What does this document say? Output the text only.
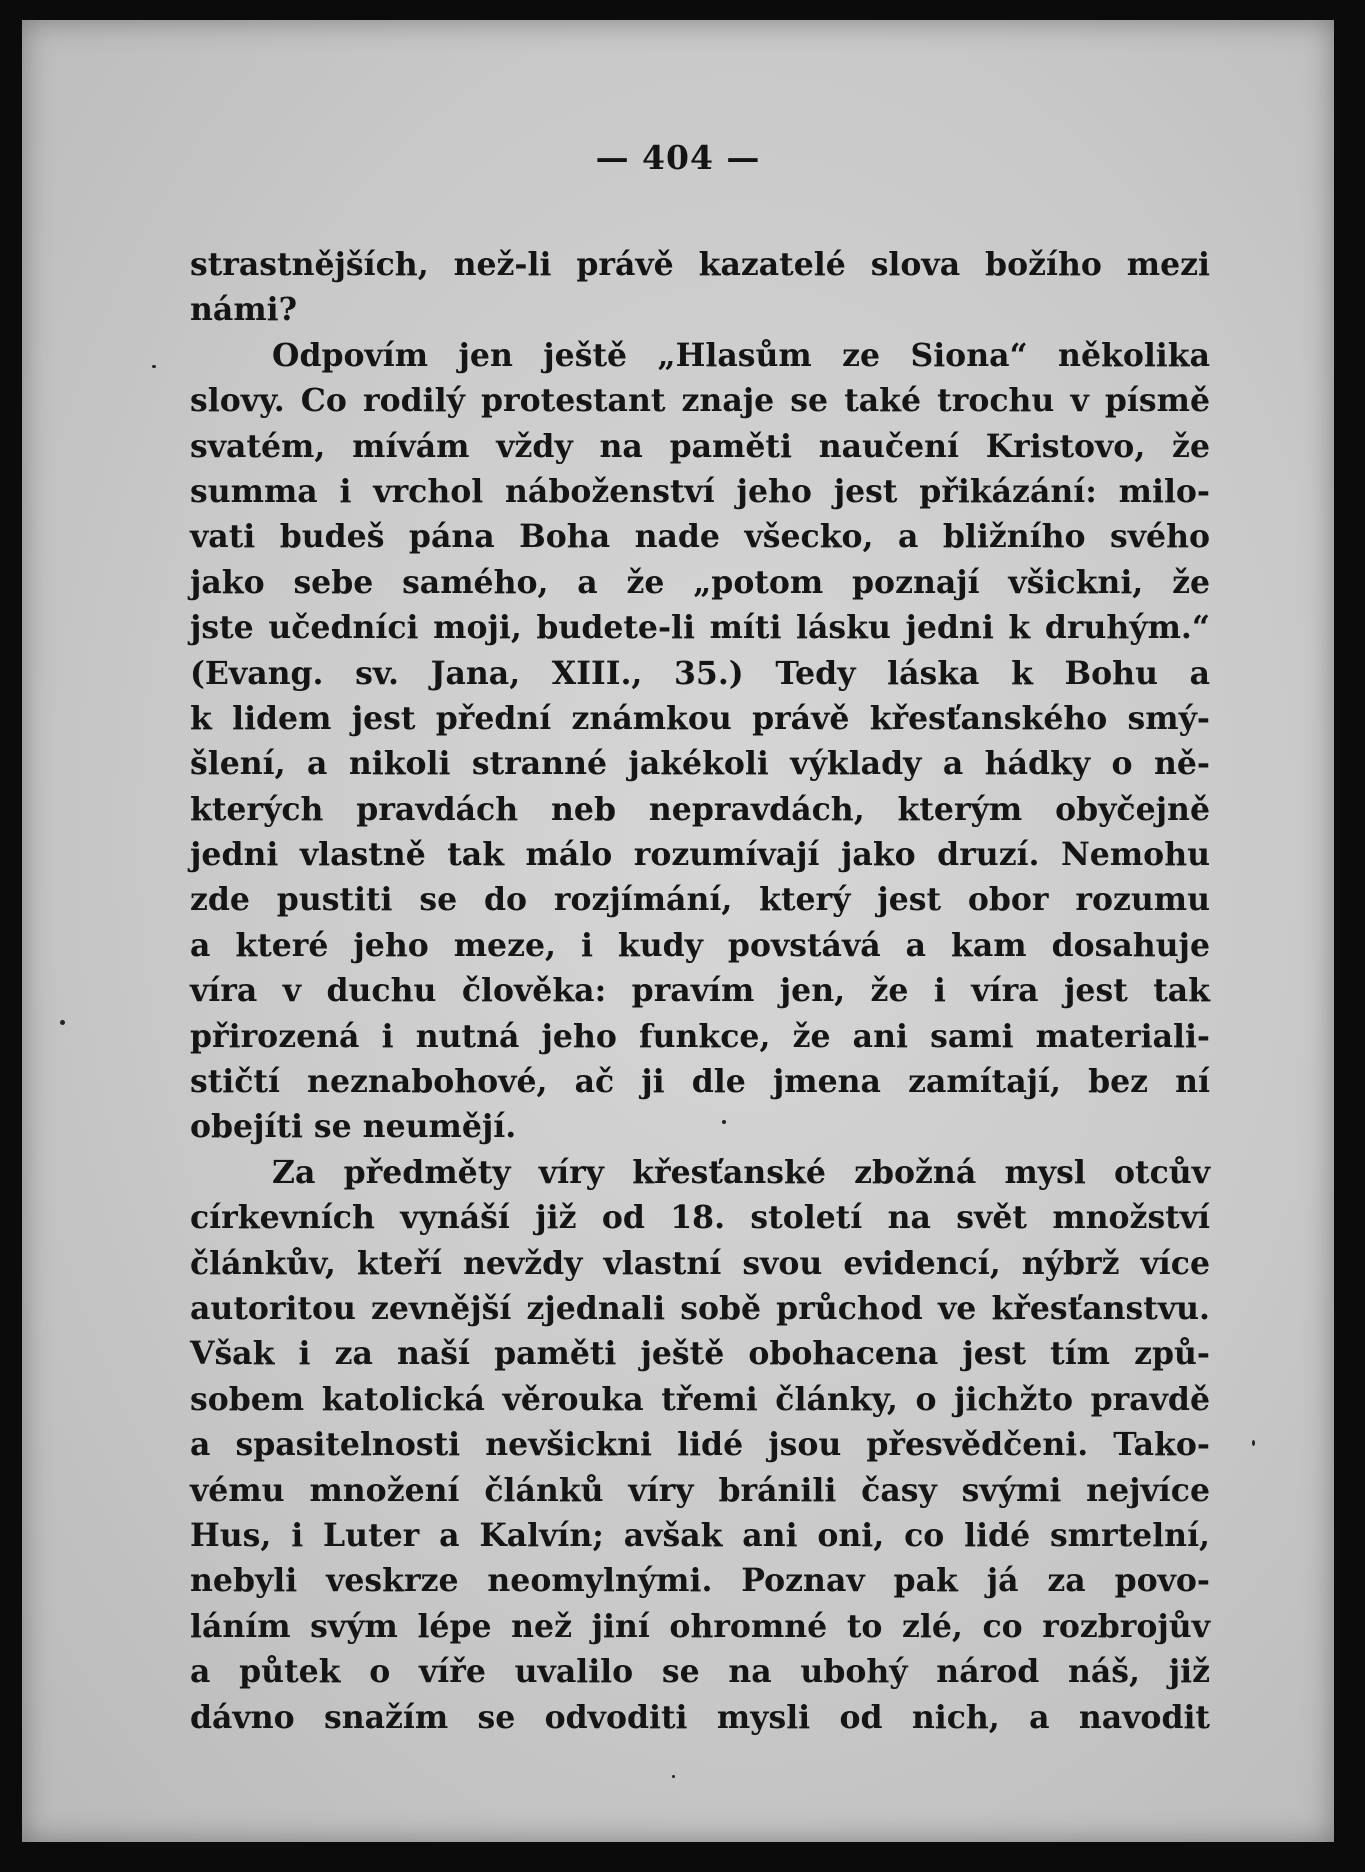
— 404 —
strastnějších, než-li právě kazatelé slova božího mezi
námi?
Odpovím jen ještě „Hlasům ze Siona“ několika
slovy. Co rodilý protestant znaje se také trochu v písmě
svatém, mívám vždy na paměti naučení Kristovo, že
summa i vrchol náboženství jeho jest přikázání: milo-
vati budeš pána Boha nade všecko, a bližního svého
jako sebe samého, a že „potom poznají všickni, že
jste učedníci moji, budete-li míti lásku jedni k druhým.“
(Evang. sv. Jana, XIII., 35.) Tedy láska k Bohu a
k lidem jest přední známkou právě křesťanského smý-
šlení, a nikoli stranné jakékoli výklady a hádky o ně-
kterých pravdách neb nepravdách, kterým obyčejně
jedni vlastně tak málo rozumívají jako druzí. Nemohu
zde pustiti se do rozjímání, který jest obor rozumu
a které jeho meze, i kudy povstává a kam dosahuje
víra v duchu člověka: pravím jen, že i víra jest tak
přirozená i nutná jeho funkce, že ani sami materiali-
stičtí neznabohové, ač ji dle jmena zamítají, bez ní
obejíti se neumějí.
Za předměty víry křesťanské zbožná mysl otcův
církevních vynáší již od 18. století na svět množství
článkův, kteří nevždy vlastní svou evidencí, nýbrž více
autoritou zevnější zjednali sobě průchod ve křesťanstvu.
Však i za naší paměti ještě obohacena jest tím způ-
sobem katolická věrouka třemi články, o jichžto pravdě
a spasitelnosti nevšickni lidé jsou přesvědčeni. Tako-
vému množení článků víry bránili časy svými nejvíce
Hus, i Luter a Kalvín; avšak ani oni, co lidé smrtelní,
nebyli veskrze neomylnými. Poznav pak já za povo-
láním svým lépe než jiní ohromné to zlé, co rozbrojův
a půtek o víře uvalilo se na ubohý národ náš, již
dávno snažím se odvoditi mysli od nich, a navodit
